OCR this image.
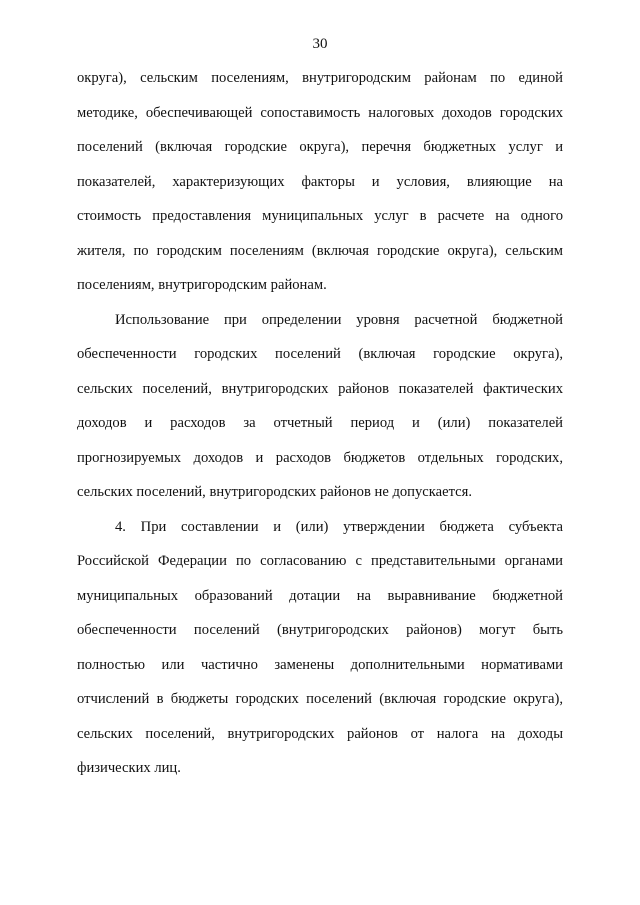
30
округа), сельским поселениям, внутригородским районам по единой
методике, обеспечивающей сопоставимость налоговых доходов городских
поселений (включая городские округа), перечня бюджетных услуг и
показателей, характеризующих факторы и условия, влияющие на
стоимость предоставления муниципальных услуг в расчете на одного
жителя, по городским поселениям (включая городские округа), сельским
поселениям, внутригородским районам.
Использование при определении уровня расчетной бюджетной
обеспеченности городских поселений (включая городские округа),
сельских поселений, внутригородских районов показателей фактических
доходов и расходов за отчетный период и (или) показателей
прогнозируемых доходов и расходов бюджетов отдельных городских,
сельских поселений, внутригородских районов не допускается.
4. При составлении и (или) утверждении бюджета субъекта
Российской Федерации по согласованию с представительными органами
муниципальных образований дотации на выравнивание бюджетной
обеспеченности поселений (внутригородских районов) могут быть
полностью или частично заменены дополнительными нормативами
отчислений в бюджеты городских поселений (включая городские округа),
сельских поселений, внутригородских районов от налога на доходы
физических лиц.
